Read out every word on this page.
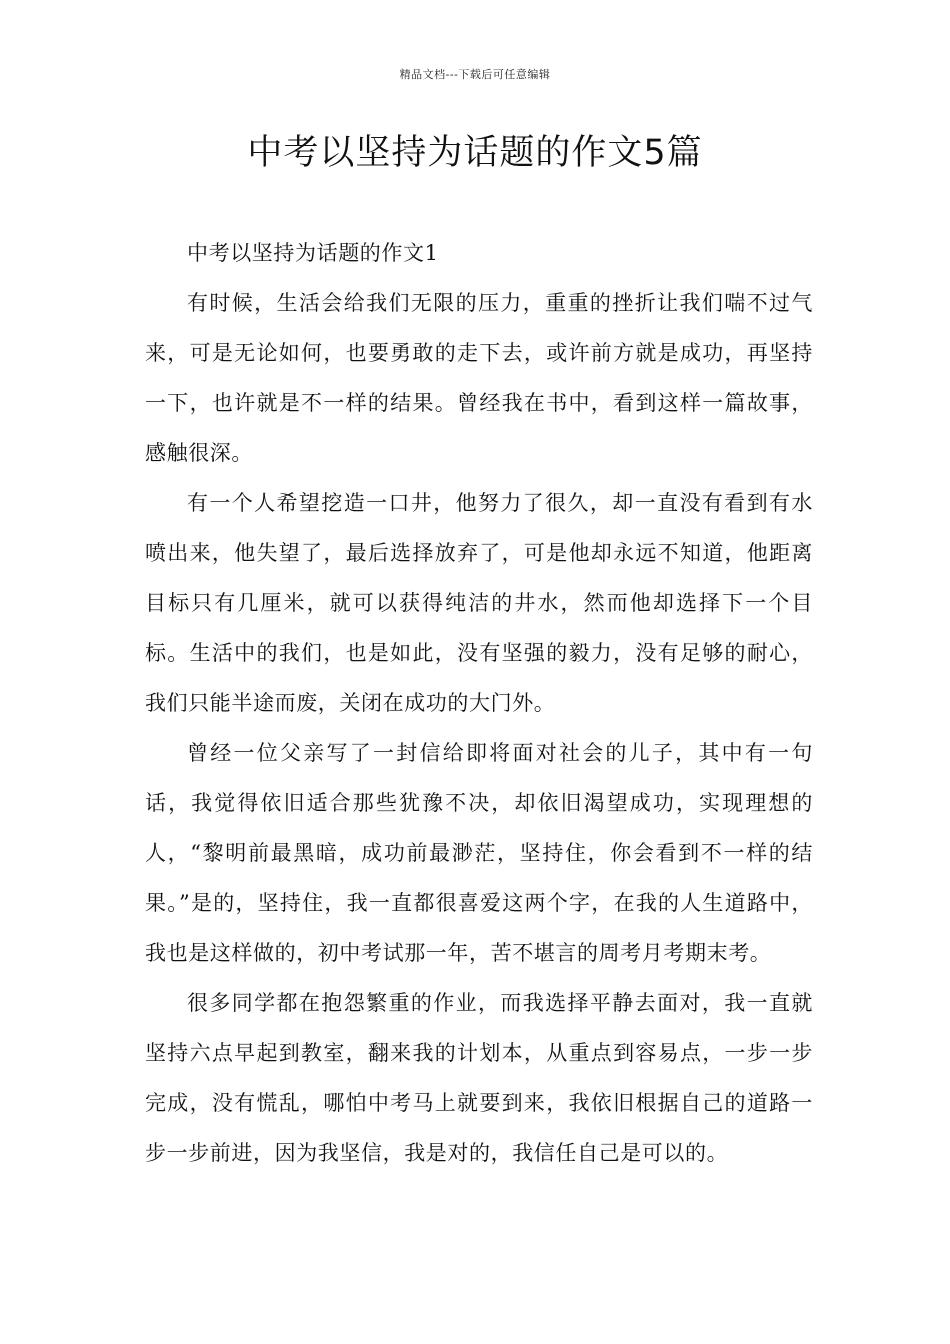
精品文档---下载后可任意编辑
中考以坚持为话题的作文5篇

中考以坚持为话题的作文1

有时候，生活会给我们无限的压力，重重的挫折让我们喘不过气来，可是无论如何，也要勇敢的走下去，或许前方就是成功，再坚持一下，也许就是不一样的结果。曾经我在书中，看到这样一篇故事，感触很深。

有一个人希望挖造一口井，他努力了很久，却一直没有看到有水喷出来，他失望了，最后选择放弃了，可是他却永远不知道，他距离目标只有几厘米，就可以获得纯洁的井水，然而他却选择下一个目标。生活中的我们，也是如此，没有坚强的毅力，没有足够的耐心，我们只能半途而废，关闭在成功的大门外。

曾经一位父亲写了一封信给即将面对社会的儿子，其中有一句话，我觉得依旧适合那些犹豫不决，却依旧渴望成功，实现理想的人，“黎明前最黑暗，成功前最渺茫，坚持住，你会看到不一样的结果。”是的，坚持住，我一直都很喜爱这两个字，在我的人生道路中，我也是这样做的，初中考试那一年，苦不堪言的周考月考期末考。

很多同学都在抱怨繁重的作业，而我选择平静去面对，我一直就坚持六点早起到教室，翻来我的计划本，从重点到容易点，一步一步完成，没有慌乱，哪怕中考马上就要到来，我依旧根据自己的道路一步一步前进，因为我坚信，我是对的，我信任自己是可以的。
